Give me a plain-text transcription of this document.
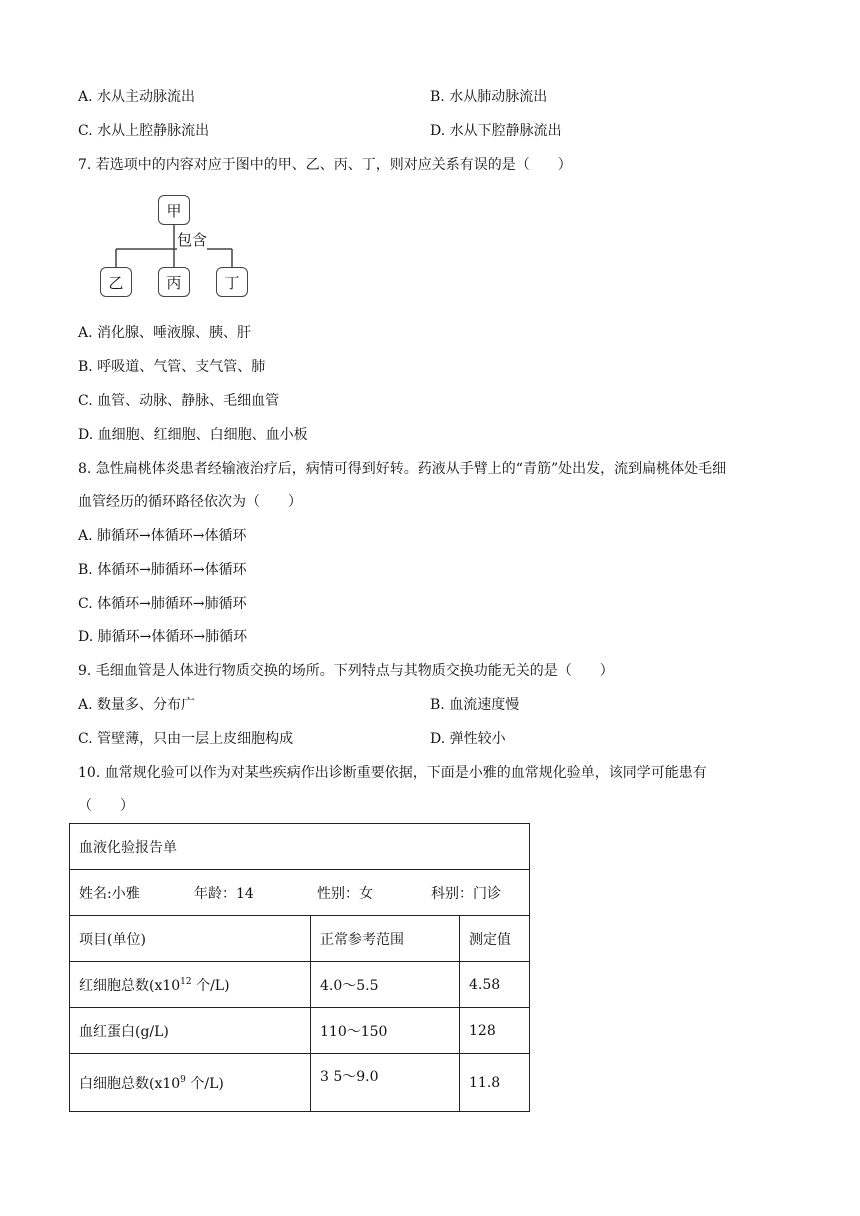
A. 水从主动脉流出	B. 水从肺动脉流出
C. 水从上腔静脉流出	D. 水从下腔静脉流出
7. 若选项中的内容对应于图中的甲、乙、丙、丁，则对应关系有误的是（　　）
甲
包含
乙	丙	丁
A. 消化腺、唾液腺、胰、肝
B. 呼吸道、气管、支气管、肺
C. 血管、动脉、静脉、毛细血管
D. 血细胞、红细胞、白细胞、血小板
8. 急性扁桃体炎患者经输液治疗后，病情可得到好转。药液从手臂上的“青筋”处出发，流到扁桃体处毛细
血管经历的循环路径依次为（　　）
A. 肺循环→体循环→体循环
B. 体循环→肺循环→体循环
C. 体循环→肺循环→肺循环
D. 肺循环→体循环→肺循环
9. 毛细血管是人体进行物质交换的场所。下列特点与其物质交换功能无关的是（　　）
A. 数量多、分布广	B. 血流速度慢
C. 管壁薄，只由一层上皮细胞构成	D. 弹性较小
10. 血常规化验可以作为对某些疾病作出诊断重要依据，下面是小雅的血常规化验单，该同学可能患有
（　　）
血液化验报告单		
姓名:小雅 年龄：14 性别：女 科别：门诊		
项目(单位)	正常参考范围	测定值
红细胞总数($x10^{12}$ 个/L)	4.0～5.5	4.58
血红蛋白(g/L)	110～150	128
白细胞总数($x10^9$ 个/L)	3 5～9.0	11.8
